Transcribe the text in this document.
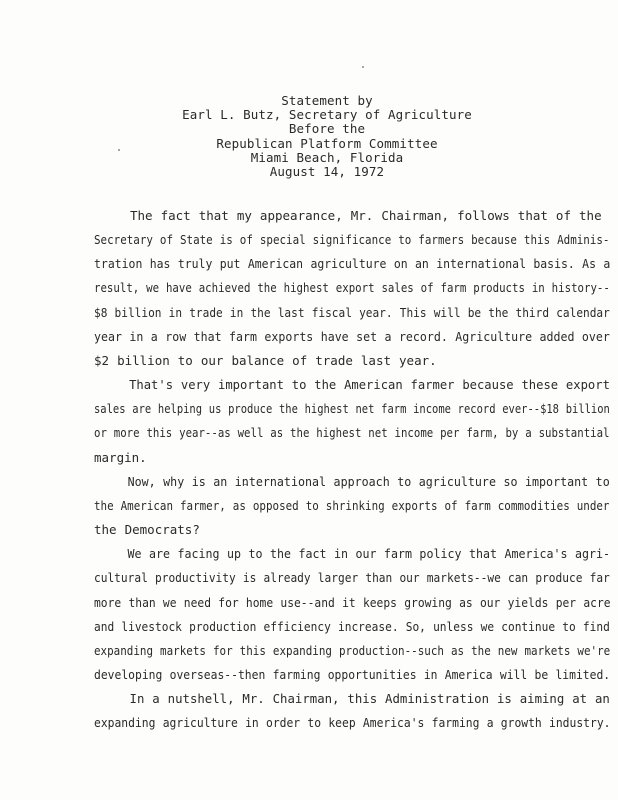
Statement by
Earl L. Butz, Secretary of Agriculture
Before the
Republican Platform Committee
Miami Beach, Florida
August 14, 1972
The fact that my appearance, Mr. Chairman, follows that of the
Secretary of State is of special significance to farmers because this Adminis-
tration has truly put American agriculture on an international basis. As a
result, we have achieved the highest export sales of farm products in history--
$8 billion in trade in the last fiscal year. This will be the third calendar
year in a row that farm exports have set a record. Agriculture added over
$2 billion to our balance of trade last year.
That's very important to the American farmer because these export
sales are helping us produce the highest net farm income record ever--$18 billion
or more this year--as well as the highest net income per farm, by a substantial
margin.
Now, why is an international approach to agriculture so important to
the American farmer, as opposed to shrinking exports of farm commodities under
the Democrats?
We are facing up to the fact in our farm policy that America's agri-
cultural productivity is already larger than our markets--we can produce far
more than we need for home use--and it keeps growing as our yields per acre
and livestock production efficiency increase. So, unless we continue to find
expanding markets for this expanding production--such as the new markets we're
developing overseas--then farming opportunities in America will be limited.
In a nutshell, Mr. Chairman, this Administration is aiming at an
expanding agriculture in order to keep America's farming a growth industry.
